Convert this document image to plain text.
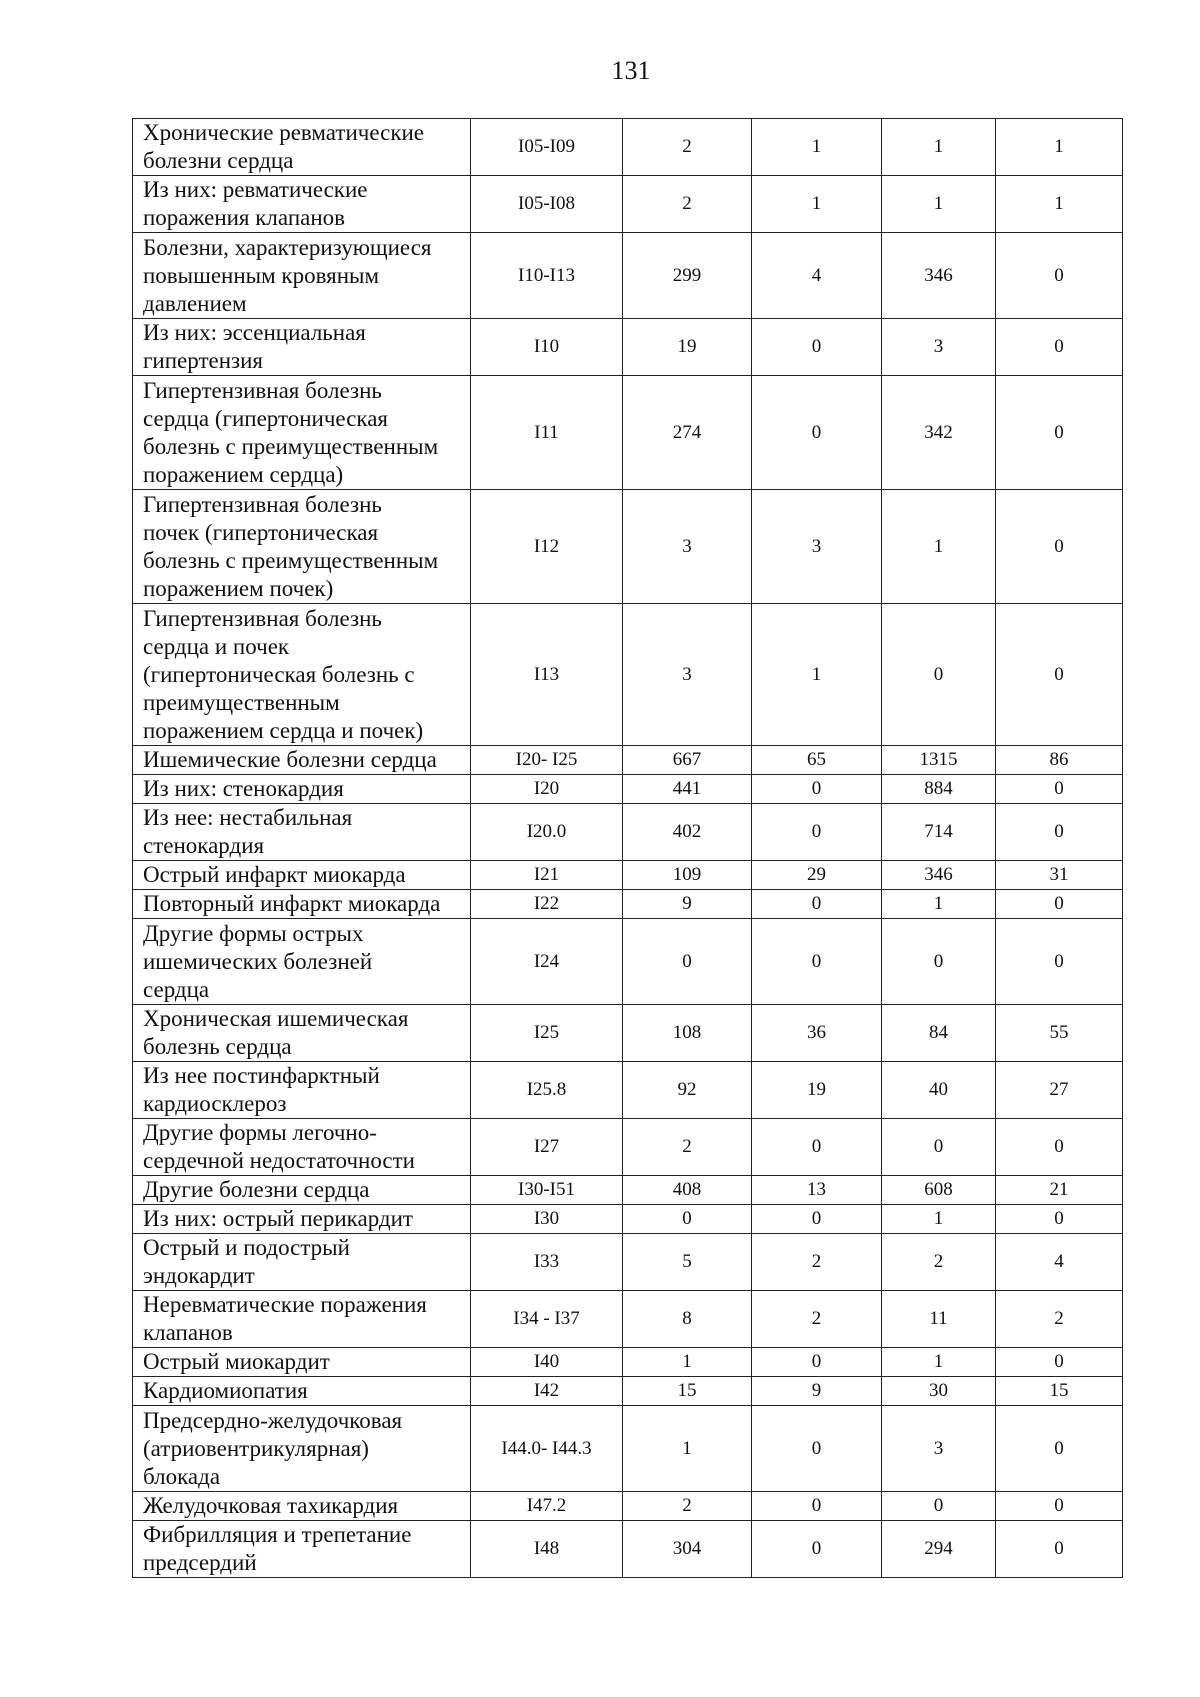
131
Хронические ревматические
болезни сердца	I05-I09	2	1	1	1
Из них: ревматические
поражения клапанов	I05-I08	2	1	1	1
Болезни, характеризующиеся
повышенным кровяным
давлением	I10-I13	299	4	346	0
Из них: эссенциальная
гипертензия	I10	19	0	3	0
Гипертензивная болезнь
сердца (гипертоническая
болезнь с преимущественным
поражением сердца)	I11	274	0	342	0
Гипертензивная болезнь
почек (гипертоническая
болезнь с преимущественным
поражением почек)	I12	3	3	1	0
Гипертензивная болезнь
сердца и почек
(гипертоническая болезнь с
преимущественным
поражением сердца и почек)	I13	3	1	0	0
Ишемические болезни сердца	I20- I25	667	65	1315	86
Из них: стенокардия	I20	441	0	884	0
Из нее: нестабильная
стенокардия	I20.0	402	0	714	0
Острый инфаркт миокарда	I21	109	29	346	31
Повторный инфаркт миокарда	I22	9	0	1	0
Другие формы острых
ишемических болезней
сердца	I24	0	0	0	0
Хроническая ишемическая
болезнь сердца	I25	108	36	84	55
Из нее постинфарктный
кардиосклероз	I25.8	92	19	40	27
Другие формы легочно-
сердечной недостаточности	I27	2	0	0	0
Другие болезни сердца	I30-I51	408	13	608	21
Из них: острый перикардит	I30	0	0	1	0
Острый и подострый
эндокардит	I33	5	2	2	4
Неревматические поражения
клапанов	I34 - I37	8	2	11	2
Острый миокардит	I40	1	0	1	0
Кардиомиопатия	I42	15	9	30	15
Предсердно-желудочковая
(атриовентрикулярная)
блокада	I44.0- I44.3	1	0	3	0
Желудочковая тахикардия	I47.2	2	0	0	0
Фибрилляция и трепетание
предсердий	I48	304	0	294	0
